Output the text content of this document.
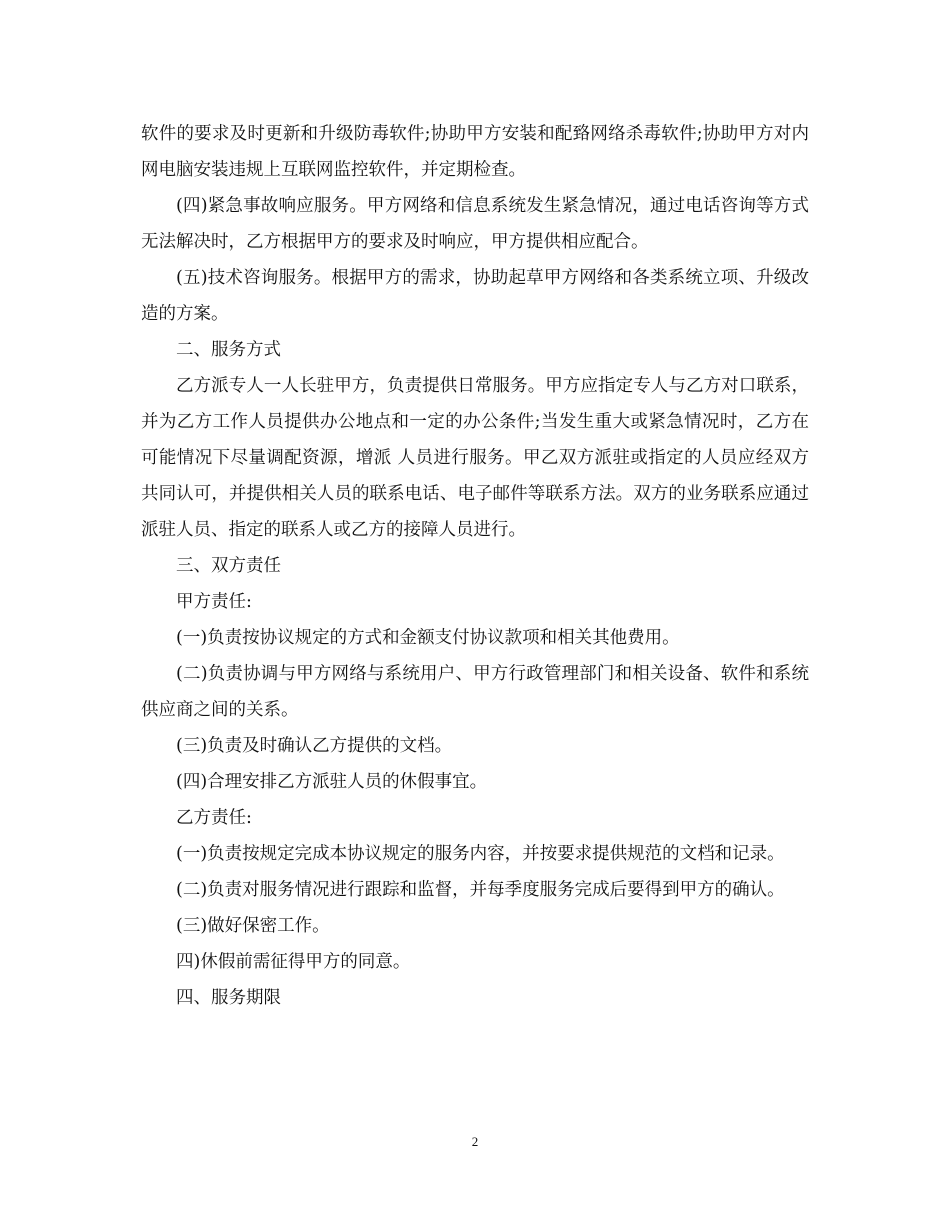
软件的要求及时更新和升级防毒软件;协助甲方安装和配臵网络杀毒软件;协助甲方对内网电脑安装违规上互联网监控软件，并定期检查。

(四)紧急事故响应服务。甲方网络和信息系统发生紧急情况，通过电话咨询等方式无法解决时，乙方根据甲方的要求及时响应，甲方提供相应配合。

(五)技术咨询服务。根据甲方的需求，协助起草甲方网络和各类系统立项、升级改造的方案。

二、服务方式

乙方派专人一人长驻甲方，负责提供日常服务。甲方应指定专人与乙方对口联系，并为乙方工作人员提供办公地点和一定的办公条件;当发生重大或紧急情况时，乙方在可能情况下尽量调配资源，增派 人员进行服务。甲乙双方派驻或指定的人员应经双方共同认可，并提供相关人员的联系电话、电子邮件等联系方法。双方的业务联系应通过派驻人员、指定的联系人或乙方的接障人员进行。

三、双方责任

甲方责任:

(一)负责按协议规定的方式和金额支付协议款项和相关其他费用。

(二)负责协调与甲方网络与系统用户、甲方行政管理部门和相关设备、软件和系统供应商之间的关系。

(三)负责及时确认乙方提供的文档。

(四)合理安排乙方派驻人员的休假事宜。

乙方责任:

(一)负责按规定完成本协议规定的服务内容，并按要求提供规范的文档和记录。

(二)负责对服务情况进行跟踪和监督，并每季度服务完成后要得到甲方的确认。

(三)做好保密工作。

四)休假前需征得甲方的同意。

四、服务期限

2
